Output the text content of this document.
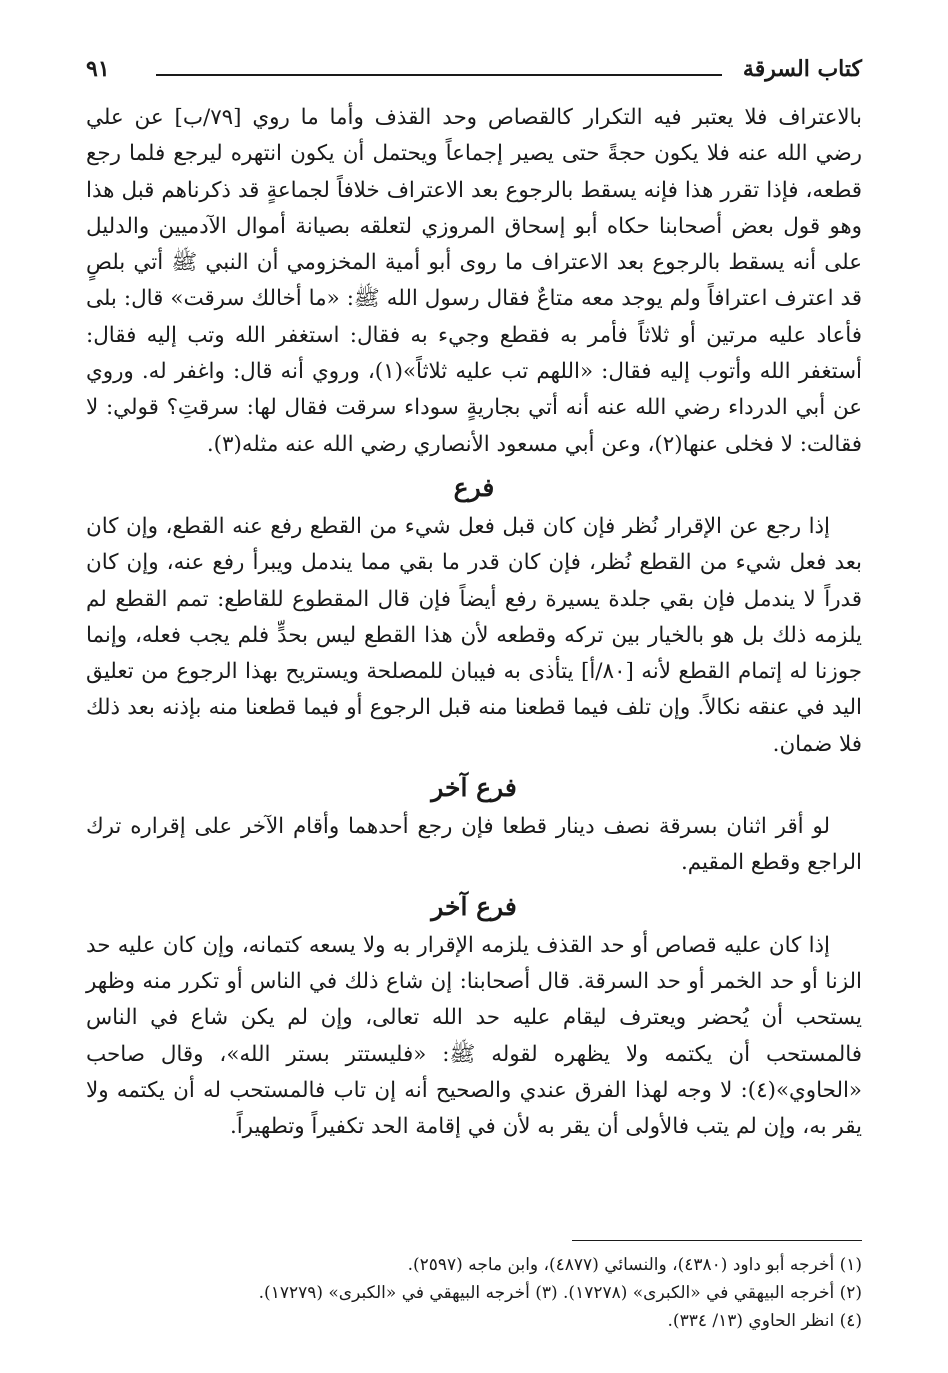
كتاب السرقة
٩١

بالاعتراف فلا يعتبر فيه التكرار كالقصاص وحد القذف وأما ما روي [٧٩/ب] عن علي رضي الله عنه فلا يكون حجةً حتى يصير إجماعاً ويحتمل أن يكون انتهره ليرجع فلما رجع قطعه، فإذا تقرر هذا فإنه يسقط بالرجوع بعد الاعتراف خلافاً لجماعةٍ قد ذكرناهم قبل هذا وهو قول بعض أصحابنا حكاه أبو إسحاق المروزي لتعلقه بصيانة أموال الآدميين والدليل على أنه يسقط بالرجوع بعد الاعتراف ما روى أبو أمية المخزومي أن النبي ﷺ أتي بلصٍ قد اعترف اعترافاً ولم يوجد معه متاعٌ فقال رسول الله ﷺ: «ما أخالك سرقت» قال: بلى فأعاد عليه مرتين أو ثلاثاً فأمر به فقطع وجيء به فقال: استغفر الله وتب إليه فقال: أستغفر الله وأتوب إليه فقال: «اللهم تب عليه ثلاثاً»(١)، وروي أنه قال: واغفر له. وروي عن أبي الدرداء رضي الله عنه أنه أتي بجاريةٍ سوداء سرقت فقال لها: سرقتِ؟ قولي: لا فقالت: لا فخلى عنها(٢)، وعن أبي مسعود الأنصاري رضي الله عنه مثله(٣).

فرع

إذا رجع عن الإقرار نُظر فإن كان قبل فعل شيء من القطع رفع عنه القطع، وإن كان بعد فعل شيء من القطع نُظر، فإن كان قدر ما بقي مما يندمل ويبرأ رفع عنه، وإن كان قدراً لا يندمل فإن بقي جلدة يسيرة رفع أيضاً فإن قال المقطوع للقاطع: تمم القطع لم يلزمه ذلك بل هو بالخيار بين تركه وقطعه لأن هذا القطع ليس بحدٍّ فلم يجب فعله، وإنما جوزنا له إتمام القطع لأنه [٨٠/أ] يتأذى به فيبان للمصلحة ويستريح بهذا الرجوع من تعليق اليد في عنقه نكالاً. وإن تلف فيما قطعنا منه قبل الرجوع أو فيما قطعنا منه بإذنه بعد ذلك فلا ضمان.

فرع آخر

لو أقر اثنان بسرقة نصف دينار قطعا فإن رجع أحدهما وأقام الآخر على إقراره ترك الراجع وقطع المقيم.

فرع آخر

إذا كان عليه قصاص أو حد القذف يلزمه الإقرار به ولا يسعه كتمانه، وإن كان عليه حد الزنا أو حد الخمر أو حد السرقة. قال أصحابنا: إن شاع ذلك في الناس أو تكرر منه وظهر يستحب أن يُحضر ويعترف ليقام عليه حد الله تعالى، وإن لم يكن شاع في الناس فالمستحب أن يكتمه ولا يظهره لقوله ﷺ: «فليستتر بستر الله»، وقال صاحب «الحاوي»(٤): لا وجه لهذا الفرق عندي والصحيح أنه إن تاب فالمستحب له أن يكتمه ولا يقر به، وإن لم يتب فالأولى أن يقر به لأن في إقامة الحد تكفيراً وتطهيراً.

(١) أخرجه أبو داود (٤٣٨٠)، والنسائي (٤٨٧٧)، وابن ماجه (٢٥٩٧).

(٢) أخرجه البيهقي في «الكبرى» (١٧٢٧٨). (٣) أخرجه البيهقي في «الكبرى» (١٧٢٧٩).

(٤) انظر الحاوي (١٣/ ٣٣٤).
